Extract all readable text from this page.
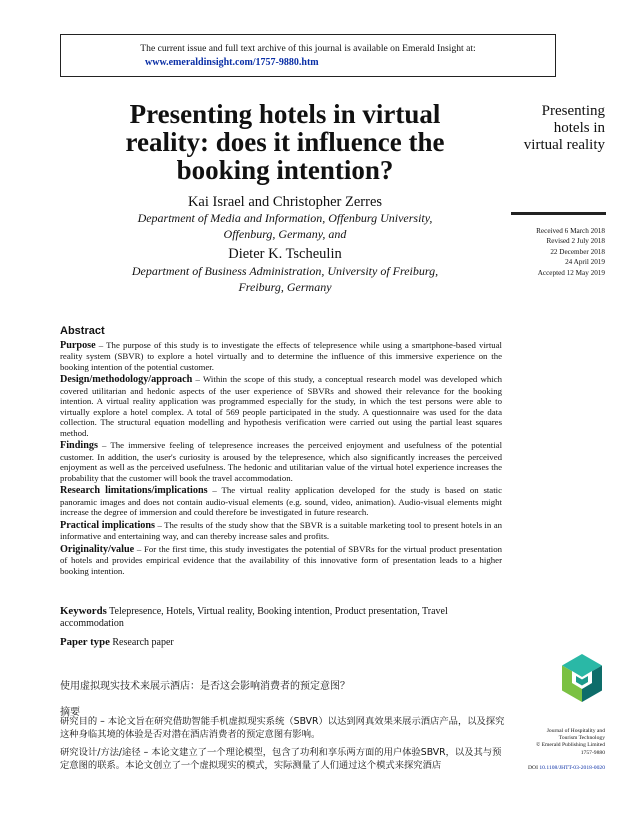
The current issue and full text archive of this journal is available on Emerald Insight at:
www.emeraldinsight.com/1757-9880.htm
Presenting hotels in virtual
reality: does it influence the
booking intention?
Kai Israel and Christopher Zerres
Department of Media and Information, Offenburg University,
Offenburg, Germany, and
Dieter K. Tscheulin
Department of Business Administration, University of Freiburg,
Freiburg, Germany
Presenting
hotels in
virtual reality
Received 6 March 2018
Revised 2 July 2018
22 December 2018
24 April 2019
Accepted 12 May 2019
Abstract

Purpose – The purpose of this study is to investigate the effects of telepresence while using a smartphone-based virtual reality system (SBVR) to explore a hotel virtually and to determine the influence of this immersive experience on the booking intention of the potential customer.

Design/methodology/approach – Within the scope of this study, a conceptual research model was developed which covered utilitarian and hedonic aspects of the user experience of SBVRs and showed their relevance for the booking intention. A virtual reality application was programmed especially for the study, in which the test persons were able to virtually explore a hotel complex. A total of 569 people participated in the study. A questionnaire was used for the data collection. The structural equation modelling and hypothesis verification were carried out using the partial least squares method.

Findings – The immersive feeling of telepresence increases the perceived enjoyment and usefulness of the potential customer. In addition, the user's curiosity is aroused by the telepresence, which also significantly increases the perceived enjoyment as well as the perceived usefulness. The hedonic and utilitarian value of the virtual hotel experience increases the probability that the customer will book the travel accommodation.

Research limitations/implications – The virtual reality application developed for the study is based on static panoramic images and does not contain audio-visual elements (e.g. sound, video, animation). Audio-visual elements might increase the degree of immersion and could therefore be investigated in future research.

Practical implications – The results of the study show that the SBVR is a suitable marketing tool to present hotels in an informative and entertaining way, and can thereby increase sales and profits.

Originality/value – For the first time, this study investigates the potential of SBVRs for the virtual product presentation of hotels and provides empirical evidence that the availability of this innovative form of presentation leads to a higher booking intention.

Keywords Telepresence, Hotels, Virtual reality, Booking intention, Product presentation, Travel accommodation
Paper type Research paper
使用虚拟现实技术来展示酒店：是否这会影响消费者的预定意图？
摘要
研究目的 – 本论文旨在研究借助智能手机虚拟现实系统（SBVR）以达到网真效果来展示酒店产品，以及探究这种身临其境的体验是否对潜在酒店消费者的预定意图有影响。
研究设计/方法/途径 – 本论文建立了一个理论模型，包含了功利和享乐两方面的用户体验SBVR，以及其与预定意图的联系。本论文创立了一个虚拟现实的模式，实际测量了人们通过这个模式来探究酒店
Journal of Hospitality and
Tourism Technology
© Emerald Publishing Limited
1757-9880
DOI 10.1108/JHTT-03-2018-0020
